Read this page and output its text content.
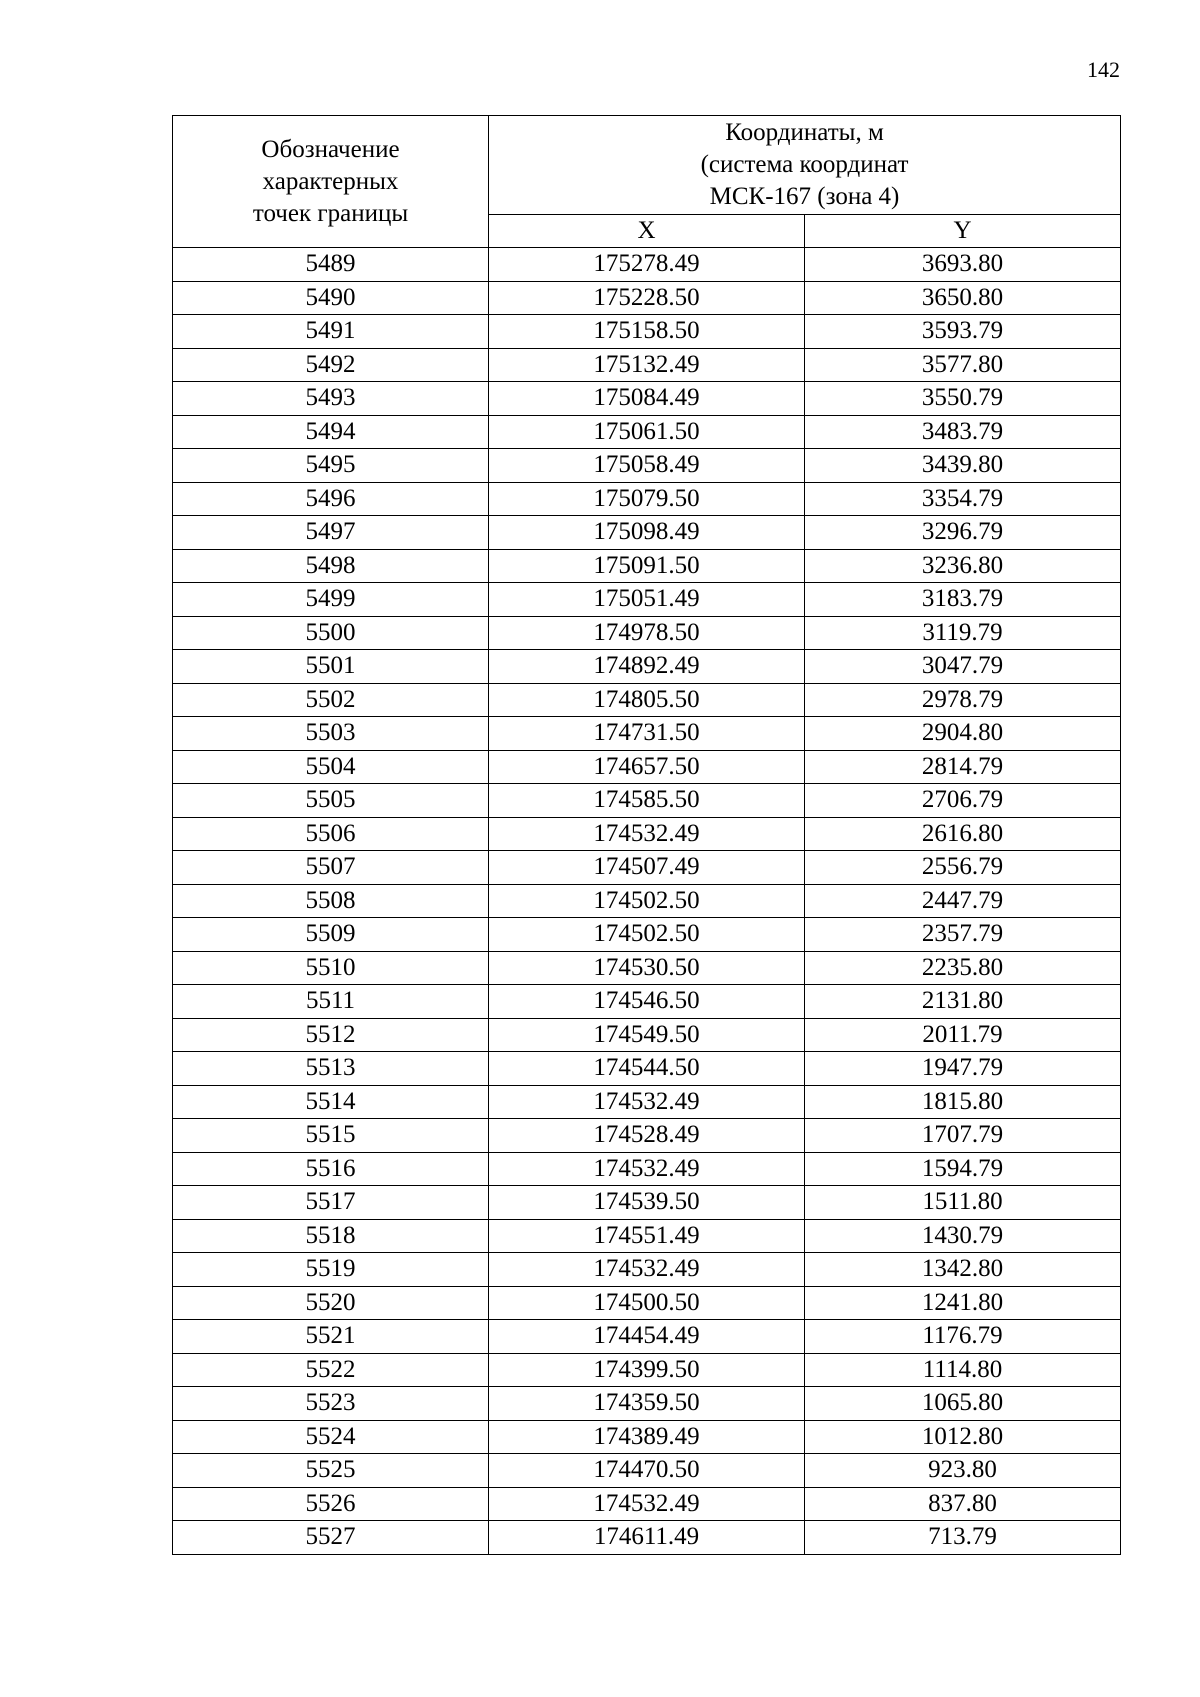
142
Обозначение
характерных
точек границы	Координаты, м
(система координат
МСК-167 (зона 4)	

	X	Y
5489	175278.49	3693.80
5490	175228.50	3650.80
5491	175158.50	3593.79
5492	175132.49	3577.80
5493	175084.49	3550.79
5494	175061.50	3483.79
5495	175058.49	3439.80
5496	175079.50	3354.79
5497	175098.49	3296.79
5498	175091.50	3236.80
5499	175051.49	3183.79
5500	174978.50	3119.79
5501	174892.49	3047.79
5502	174805.50	2978.79
5503	174731.50	2904.80
5504	174657.50	2814.79
5505	174585.50	2706.79
5506	174532.49	2616.80
5507	174507.49	2556.79
5508	174502.50	2447.79
5509	174502.50	2357.79
5510	174530.50	2235.80
5511	174546.50	2131.80
5512	174549.50	2011.79
5513	174544.50	1947.79
5514	174532.49	1815.80
5515	174528.49	1707.79
5516	174532.49	1594.79
5517	174539.50	1511.80
5518	174551.49	1430.79
5519	174532.49	1342.80
5520	174500.50	1241.80
5521	174454.49	1176.79
5522	174399.50	1114.80
5523	174359.50	1065.80
5524	174389.49	1012.80
5525	174470.50	923.80
5526	174532.49	837.80
5527	174611.49	713.79
